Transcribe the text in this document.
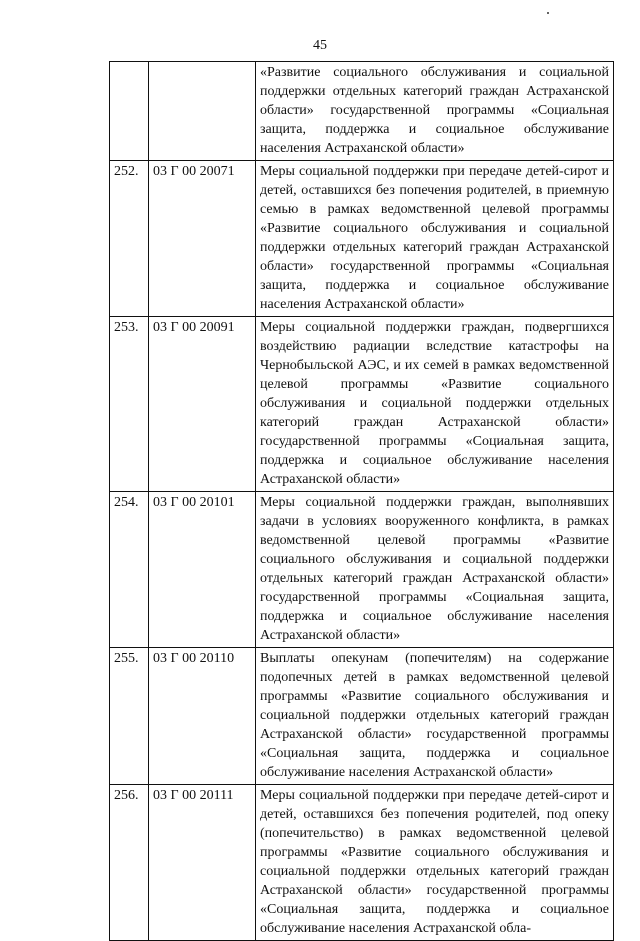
45
		«Развитие социального обслуживания и социальной поддержки отдельных категорий граждан Астраханской области» государственной программы «Социальная защита, поддержка и социальное обслуживание населения Астраханской области»
252.	03 Г 00 20071	Меры социальной поддержки при передаче детей-сирот и детей, оставшихся без попечения родителей, в приемную семью в рамках ведомственной целевой программы «Развитие социального обслуживания и социальной поддержки отдельных категорий граждан Астраханской области» государственной программы «Социальная защита, поддержка и социальное обслуживание населения Астраханской области»
253.	03 Г 00 20091	Меры социальной поддержки граждан, подвергшихся воздействию радиации вследствие катастрофы на Чернобыльской АЭС, и их семей в рамках ведомственной целевой программы «Развитие социального обслуживания и социальной поддержки отдельных категорий граждан Астраханской области» государственной программы «Социальная защита, поддержка и социальное обслуживание населения Астраханской области»
254.	03 Г 00 20101	Меры социальной поддержки граждан, выполнявших задачи в условиях вооруженного конфликта, в рамках ведомственной целевой программы «Развитие социального обслуживания и социальной поддержки отдельных категорий граждан Астраханской области» государственной программы «Социальная защита, поддержка и социальное обслуживание населения Астраханской области»
255.	03 Г 00 20110	Выплаты опекунам (попечителям) на содержание подопечных детей в рамках ведомственной целевой программы «Развитие социального обслуживания и социальной поддержки отдельных категорий граждан Астраханской области» государственной программы «Социальная защита, поддержка и социальное обслуживание населения Астраханской области»
256.	03 Г 00 20111	Меры социальной поддержки при передаче детей-сирот и детей, оставшихся без попечения родителей, под опеку (попечительство) в рамках ведомственной целевой программы «Развитие социального обслуживания и социальной поддержки отдельных категорий граждан Астраханской области» государственной программы «Социальная защита, поддержка и социальное обслуживание населения Астраханской обла-
